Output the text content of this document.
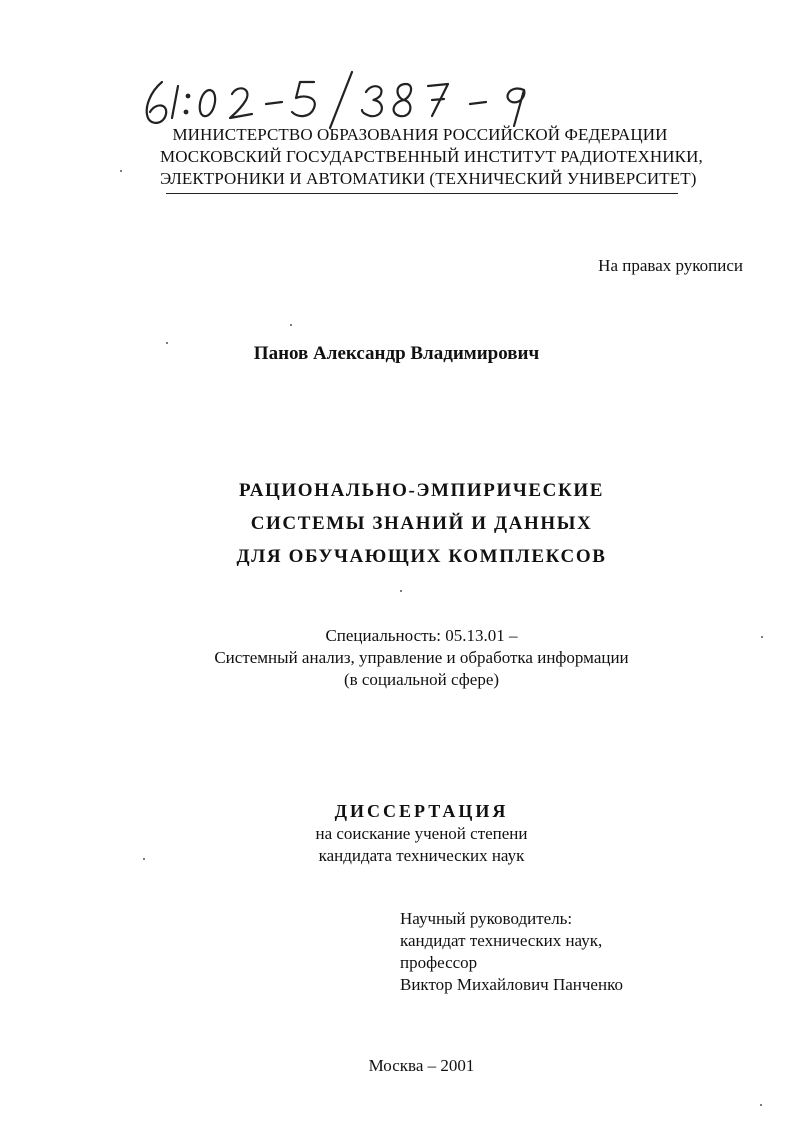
МИНИСТЕРСТВО ОБРАЗОВАНИЯ РОССИЙСКОЙ ФЕДЕРАЦИИ
МОСКОВСКИЙ ГОСУДАРСТВЕННЫЙ ИНСТИТУТ РАДИОТЕХНИКИ,
ЭЛЕКТРОНИКИ И АВТОМАТИКИ (ТЕХНИЧЕСКИЙ УНИВЕРСИТЕТ)
На правах рукописи
Панов Александр Владимирович
РАЦИОНАЛЬНО-ЭМПИРИЧЕСКИЕ
СИСТЕМЫ ЗНАНИЙ И ДАННЫХ
ДЛЯ ОБУЧАЮЩИХ КОМПЛЕКСОВ
Специальность: 05.13.01 –
Системный анализ, управление и обработка информации
(в социальной сфере)
ДИССЕРТАЦИЯ
на соискание ученой степени
кандидата технических наук
Научный руководитель:
кандидат технических наук,
профессор
Виктор Михайлович Панченко
Москва – 2001
